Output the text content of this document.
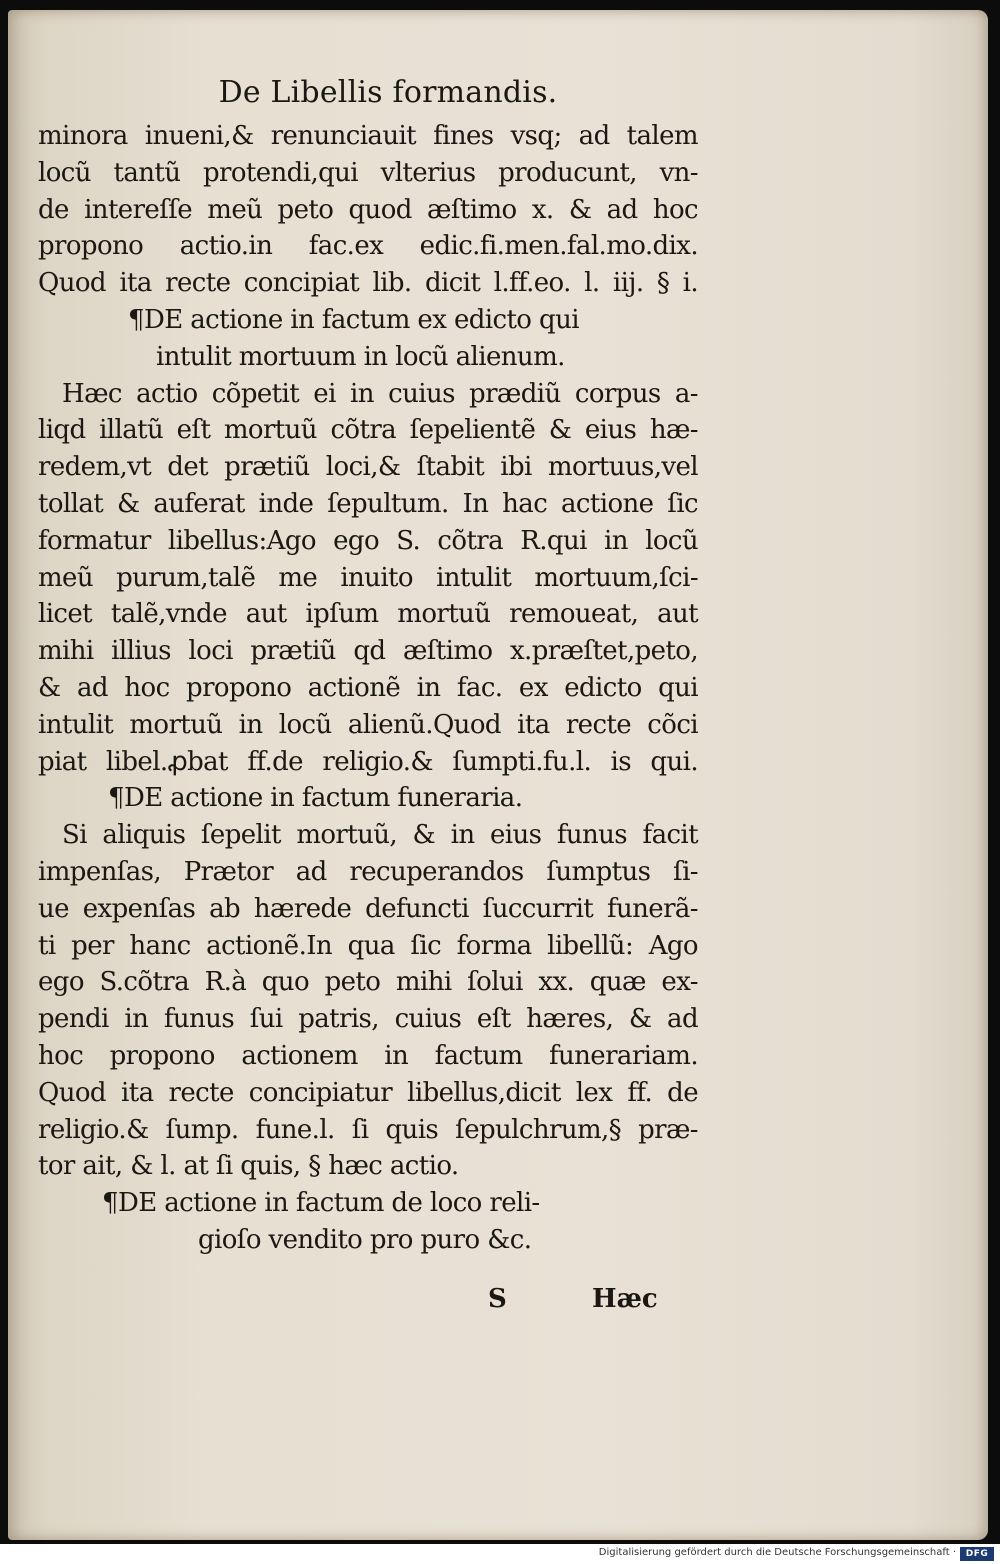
De Libellis formandis.
minora inueni,& renunciauit fines vsq; ad talem
locũ tantũ protendi,qui vlterius producunt, vn-
de intereſſe meũ peto quod æſtimo x. & ad hoc
propono actio.in fac.ex edic.fi.men.fal.mo.dix.
Quod ita recte concipiat lib. dicit l.ff.eo. l. iij. § i.
¶DE actione in factum ex edicto qui
intulit mortuum in locũ alienum.
Hæc actio cõpetit ei in cuius prædiũ corpus a-
liqd illatũ eſt mortuũ cõtra ſepelientẽ & eius hæ-
redem,vt det prætiũ loci,& ſtabit ibi mortuus,vel
tollat & auferat inde ſepultum. In hac actione ſic
formatur libellus:Ago ego S. cõtra R.qui in locũ
meũ purum,talẽ me inuito intulit mortuum,ſci-
licet talẽ,vnde aut ipſum mortuũ remoueat, aut
mihi illius loci prætiũ qd æſtimo x.præſtet,peto,
& ad hoc propono actionẽ in fac. ex edicto qui
intulit mortuũ in locũ alienũ.Quod ita recte cõci
piat libel.ꝓbat ff.de religio.& ſumpti.fu.l. is qui.
¶DE actione in factum funeraria.
Si aliquis ſepelit mortuũ, & in eius funus facit
impenſas, Prætor ad recuperandos ſumptus ſi-
ue expenſas ab hærede defuncti ſuccurrit funerã-
ti per hanc actionẽ.In qua ſic forma libellũ: Ago
ego S.cõtra R.à quo peto mihi ſolui xx. quæ ex-
pendi in funus ſui patris, cuius eſt hæres, & ad
hoc propono actionem in factum funerariam.
Quod ita recte concipiatur libellus,dicit lex ff. de
religio.& ſump. fune.l. ſi quis ſepulchrum,§ præ-
tor ait, & l. at ſi quis, § hæc actio.
¶DE actione in factum de loco reli-
gioſo vendito pro puro &c.
S	Hæc
Digitalisierung gefördert durch die Deutsche Forschungsgemeinschaft ·	DFG
